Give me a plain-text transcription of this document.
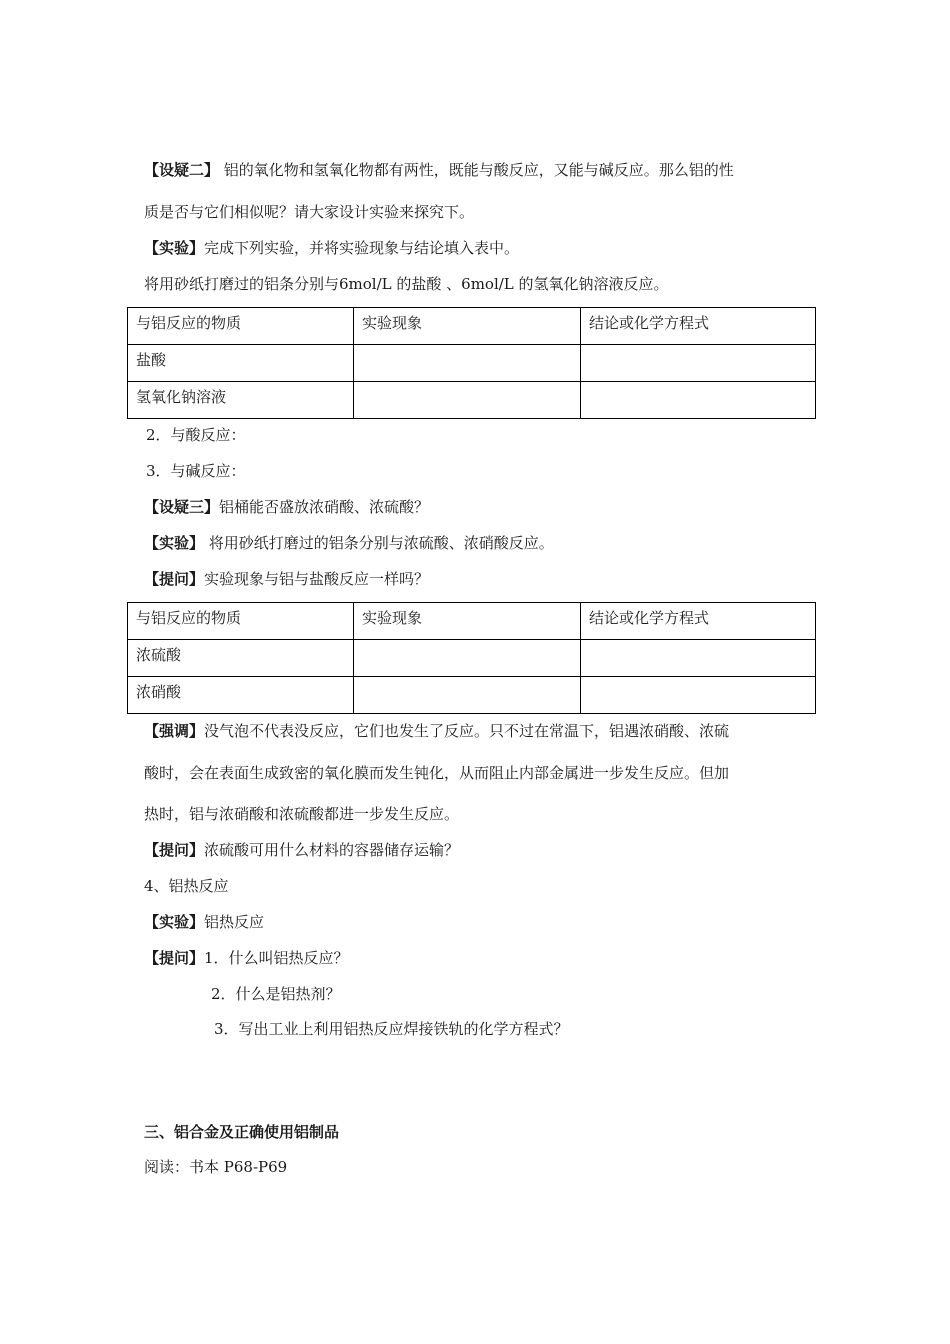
【设疑二】 铝的氧化物和氢氧化物都有两性，既能与酸反应，又能与碱反应。那么铝的性
质是否与它们相似呢？请大家设计实验来探究下。
【实验】完成下列实验，并将实验现象与结论填入表中。
将用砂纸打磨过的铝条分别与6mol/L 的盐酸 、6mol/L 的氢氧化钠溶液反应。
与铝反应的物质	实验现象	结论或化学方程式
盐酸		
氢氧化钠溶液		
2．与酸反应：
3．与碱反应：
【设疑三】铝桶能否盛放浓硝酸、浓硫酸？
【实验】 将用砂纸打磨过的铝条分别与浓硫酸、浓硝酸反应。
【提问】实验现象与铝与盐酸反应一样吗？
与铝反应的物质	实验现象	结论或化学方程式
浓硫酸		
浓硝酸		
【强调】没气泡不代表没反应，它们也发生了反应。只不过在常温下，铝遇浓硝酸、浓硫
酸时，会在表面生成致密的氧化膜而发生钝化，从而阻止内部金属进一步发生反应。但加
热时，铝与浓硝酸和浓硫酸都进一步发生反应。
【提问】浓硫酸可用什么材料的容器储存运输？
4、铝热反应
【实验】铝热反应
【提问】1．什么叫铝热反应？
2．什么是铝热剂？
3．写出工业上利用铝热反应焊接铁轨的化学方程式？
三、铝合金及正确使用铝制品
阅读：书本 P68-P69
